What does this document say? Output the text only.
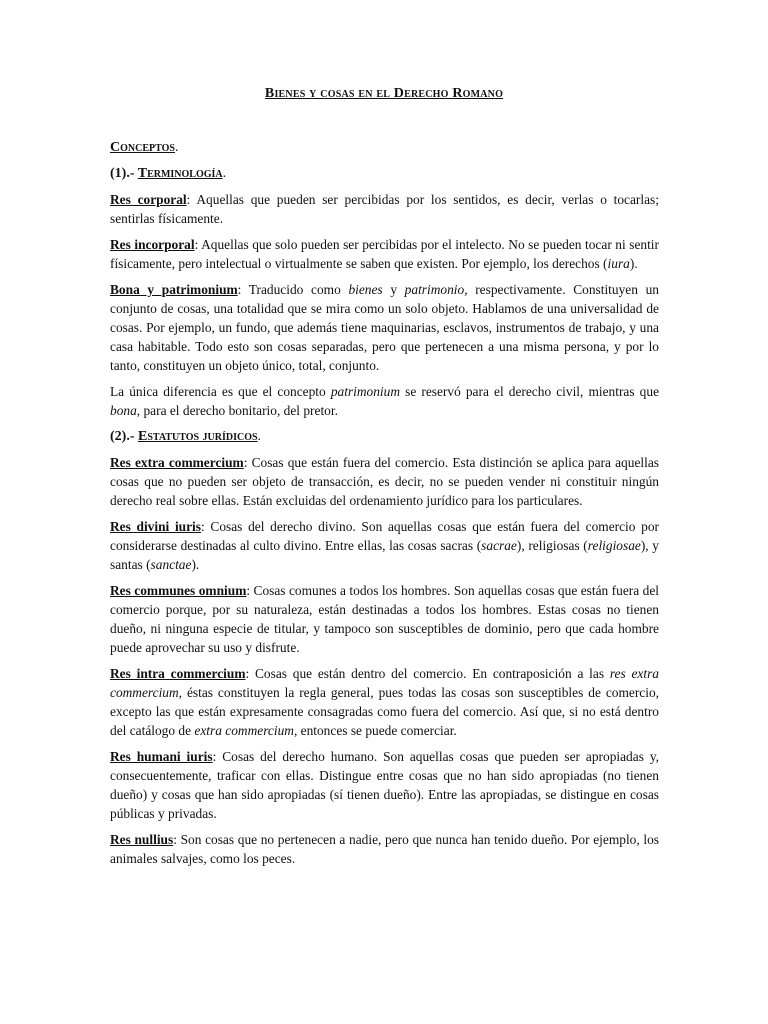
Bienes y cosas en el Derecho Romano
Conceptos.
(1).- Terminología.

Res corporal: Aquellas que pueden ser percibidas por los sentidos, es decir, verlas o tocarlas; sentirlas físicamente.

Res incorporal: Aquellas que solo pueden ser percibidas por el intelecto. No se pueden tocar ni sentir físicamente, pero intelectual o virtualmente se saben que existen. Por ejemplo, los derechos (iura).

Bona y patrimonium: Traducido como bienes y patrimonio, respectivamente. Constituyen un conjunto de cosas, una totalidad que se mira como un solo objeto. Hablamos de una universalidad de cosas. Por ejemplo, un fundo, que además tiene maquinarias, esclavos, instrumentos de trabajo, y una casa habitable. Todo esto son cosas separadas, pero que pertenecen a una misma persona, y por lo tanto, constituyen un objeto único, total, conjunto.

La única diferencia es que el concepto patrimonium se reservó para el derecho civil, mientras que bona, para el derecho bonitario, del pretor.

(2).- Estatutos jurídicos.

Res extra commercium: Cosas que están fuera del comercio. Esta distinción se aplica para aquellas cosas que no pueden ser objeto de transacción, es decir, no se pueden vender ni constituir ningún derecho real sobre ellas. Están excluidas del ordenamiento jurídico para los particulares.

Res divini iuris: Cosas del derecho divino. Son aquellas cosas que están fuera del comercio por considerarse destinadas al culto divino. Entre ellas, las cosas sacras (sacrae), religiosas (religiosae), y santas (sanctae).

Res communes omnium: Cosas comunes a todos los hombres. Son aquellas cosas que están fuera del comercio porque, por su naturaleza, están destinadas a todos los hombres. Estas cosas no tienen dueño, ni ninguna especie de titular, y tampoco son susceptibles de dominio, pero que cada hombre puede aprovechar su uso y disfrute.

Res intra commercium: Cosas que están dentro del comercio. En contraposición a las res extra commercium, éstas constituyen la regla general, pues todas las cosas son susceptibles de comercio, excepto las que están expresamente consagradas como fuera del comercio. Así que, si no está dentro del catálogo de extra commercium, entonces se puede comerciar.

Res humani iuris: Cosas del derecho humano. Son aquellas cosas que pueden ser apropiadas y, consecuentemente, traficar con ellas. Distingue entre cosas que no han sido apropiadas (no tienen dueño) y cosas que han sido apropiadas (sí tienen dueño). Entre las apropiadas, se distingue en cosas públicas y privadas.

Res nullius: Son cosas que no pertenecen a nadie, pero que nunca han tenido dueño. Por ejemplo, los animales salvajes, como los peces.
